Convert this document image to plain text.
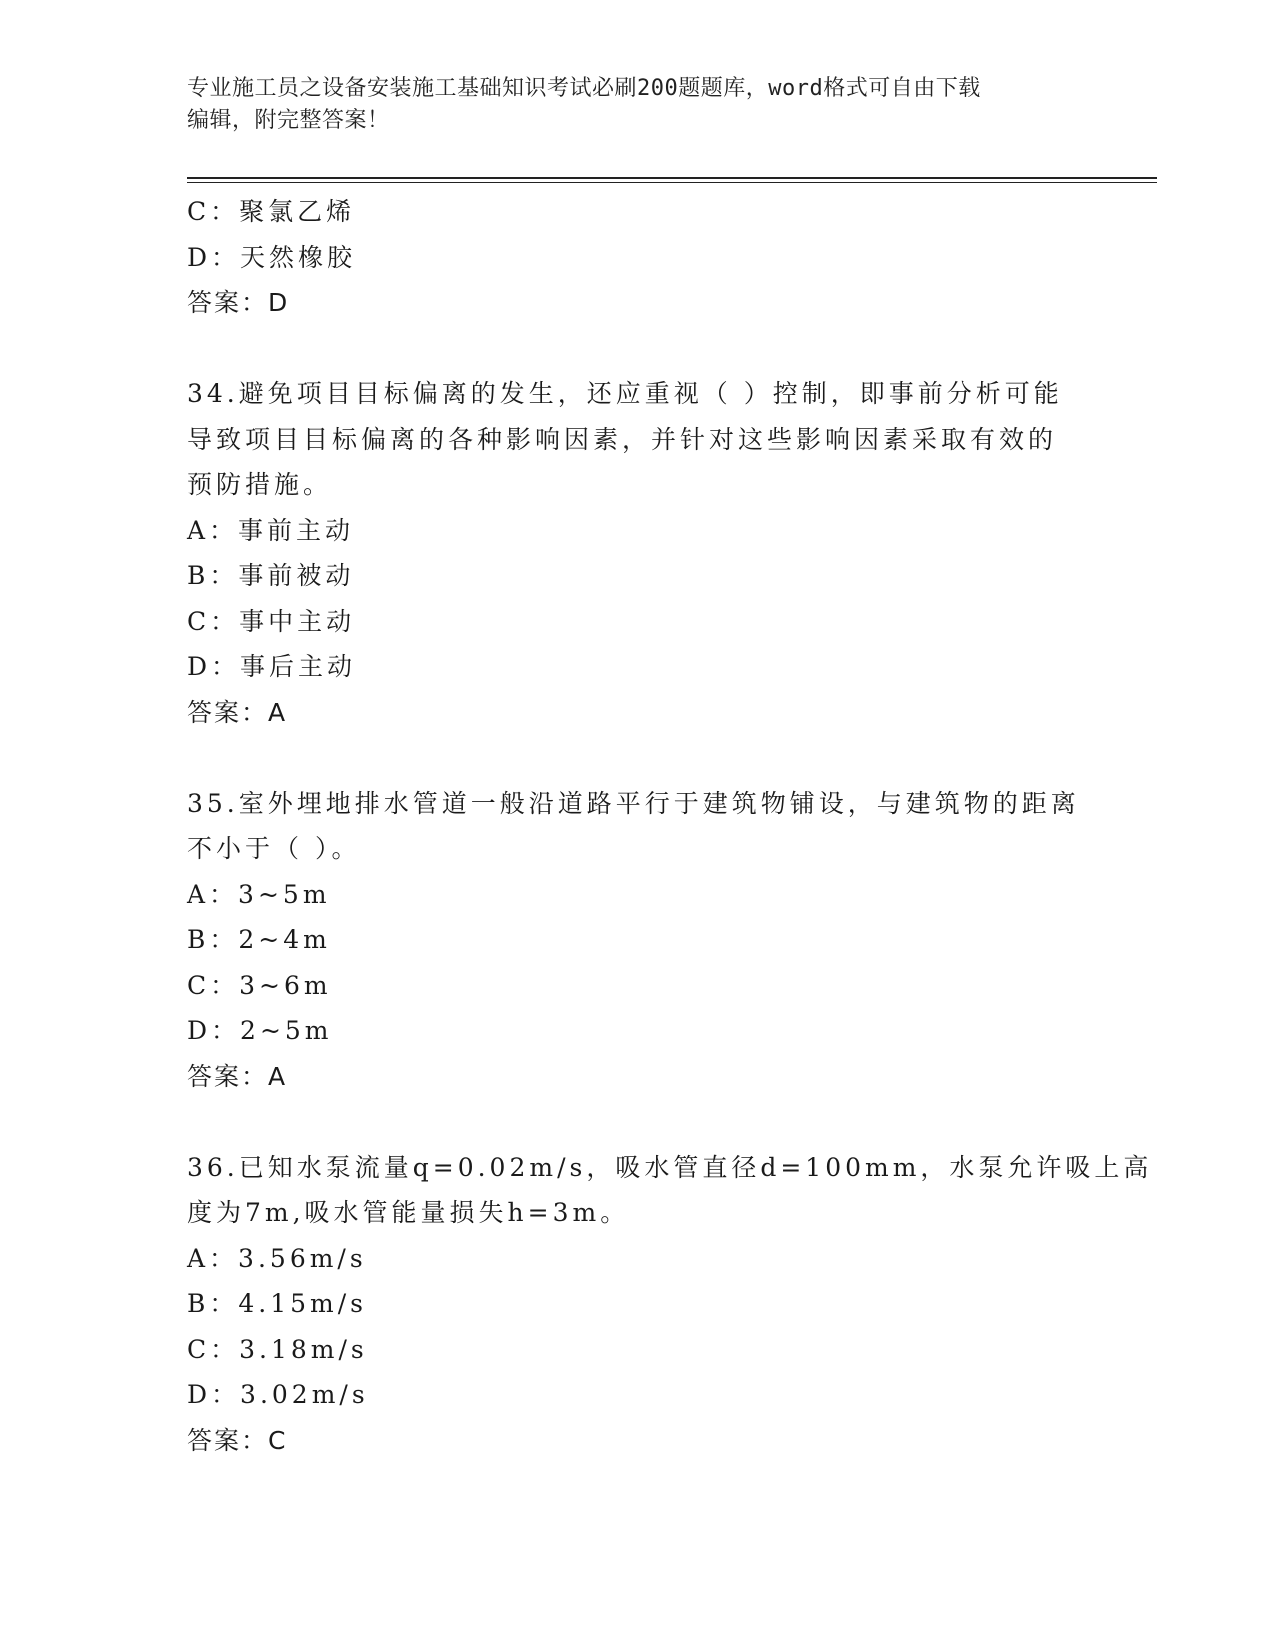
专业施工员之设备安装施工基础知识考试必刷200题题库，word格式可自由下载
编辑，附完整答案！
C：聚氯乙烯
D：天然橡胶
答案：D
34.避免项目目标偏离的发生，还应重视（ ）控制，即事前分析可能
导致项目目标偏离的各种影响因素，并针对这些影响因素采取有效的
预防措施。
A：事前主动
B：事前被动
C：事中主动
D：事后主动
答案：A
35.室外埋地排水管道一般沿道路平行于建筑物铺设，与建筑物的距离
不小于（ ）。
A：3~5m
B：2~4m
C：3~6m
D：2~5m
答案：A
36.已知水泵流量q=0.02m/s，吸水管直径d=100mm，水泵允许吸上高
度为7m,吸水管能量损失h=3m。
A：3.56m/s
B：4.15m/s
C：3.18m/s
D：3.02m/s
答案：C
